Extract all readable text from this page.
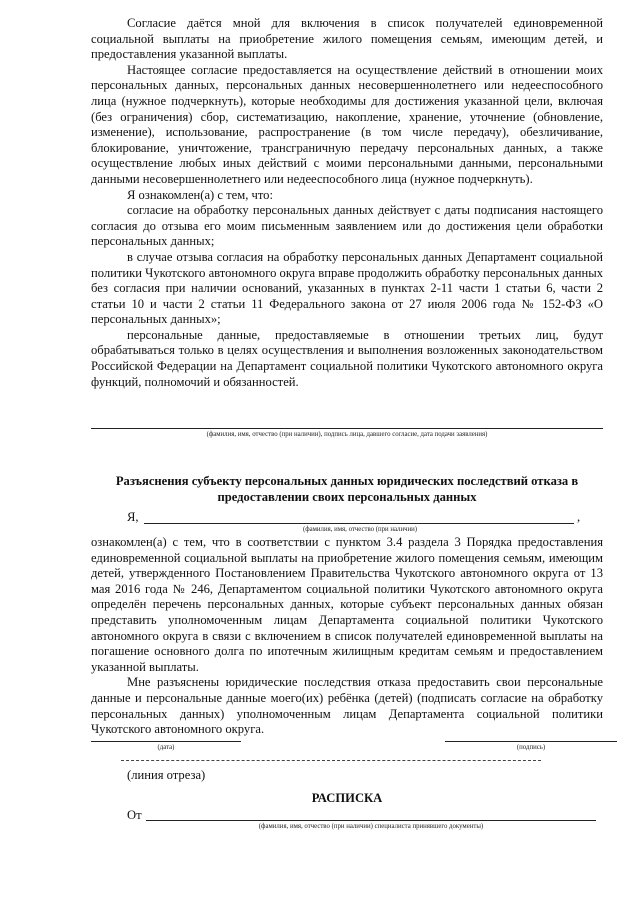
Согласие даётся мной для включения в список получателей единовременной социальной выплаты на приобретение жилого помещения семьям, имеющим детей, и предоставления указанной выплаты.

Настоящее согласие предоставляется на осуществление действий в отношении моих персональных данных, персональных данных несовершеннолетнего или недееспособного лица (нужное подчеркнуть), которые необходимы для достижения указанной цели, включая (без ограничения) сбор, систематизацию, накопление, хранение, уточнение (обновление, изменение), использование, распространение (в том числе передачу), обезличивание, блокирование, уничтожение, трансграничную передачу персональных данных, а также осуществление любых иных действий с моими персональными данными, персональными данными несовершеннолетнего или недееспособного лица (нужное подчеркнуть).

Я ознакомлен(а) с тем, что:

согласие на обработку персональных данных действует с даты подписания настоящего согласия до отзыва его моим письменным заявлением или до достижения цели обработки персональных данных;

в случае отзыва согласия на обработку персональных данных Департамент социальной политики Чукотского автономного округа вправе продолжить обработку персональных данных без согласия при наличии оснований, указанных в пунктах 2-11 части 1 статьи 6, части 2 статьи 10 и части 2 статьи 11 Федерального закона от 27 июля 2006 года № 152-ФЗ «О персональных данных»;

персональные данные, предоставляемые в отношении третьих лиц, будут обрабатываться только в целях осуществления и выполнения возложенных законодательством Российской Федерации на Департамент социальной политики Чукотского автономного округа функций, полномочий и обязанностей.

(фамилия, имя, отчество (при наличии), подпись лица, давшего согласие, дата подачи заявления)
Разъяснения субъекту персональных данных юридических последствий отказа в
предоставлении своих персональных данных
Я,	,
(фамилия, имя, отчество (при наличии)

ознакомлен(а) с тем, что в соответствии с пунктом 3.4 раздела 3 Порядка предоставления единовременной социальной выплаты на приобретение жилого помещения семьям, имеющим детей, утвержденного Постановлением Правительства Чукотского автономного округа от 13 мая 2016 года № 246, Департаментом социальной политики Чукотского автономного округа определён перечень персональных данных, которые субъект персональных данных обязан представить уполномоченным лицам Департамента социальной политики Чукотского автономного округа в связи с включением в список получателей единовременной выплаты на погашение основного долга по ипотечным жилищным кредитам семьям и предоставлением указанной выплаты.

Мне разъяснены юридические последствия отказа предоставить свои персональные данные и персональные данные моего(их) ребёнка (детей) (подписать согласие на обработку персональных данных) уполномоченным лицам Департамента социальной политики Чукотского автономного округа.

(дата)	(подпись)
(линия отреза)
РАСПИСКА
От
(фамилия, имя, отчество (при наличии) специалиста принявшего документы)
